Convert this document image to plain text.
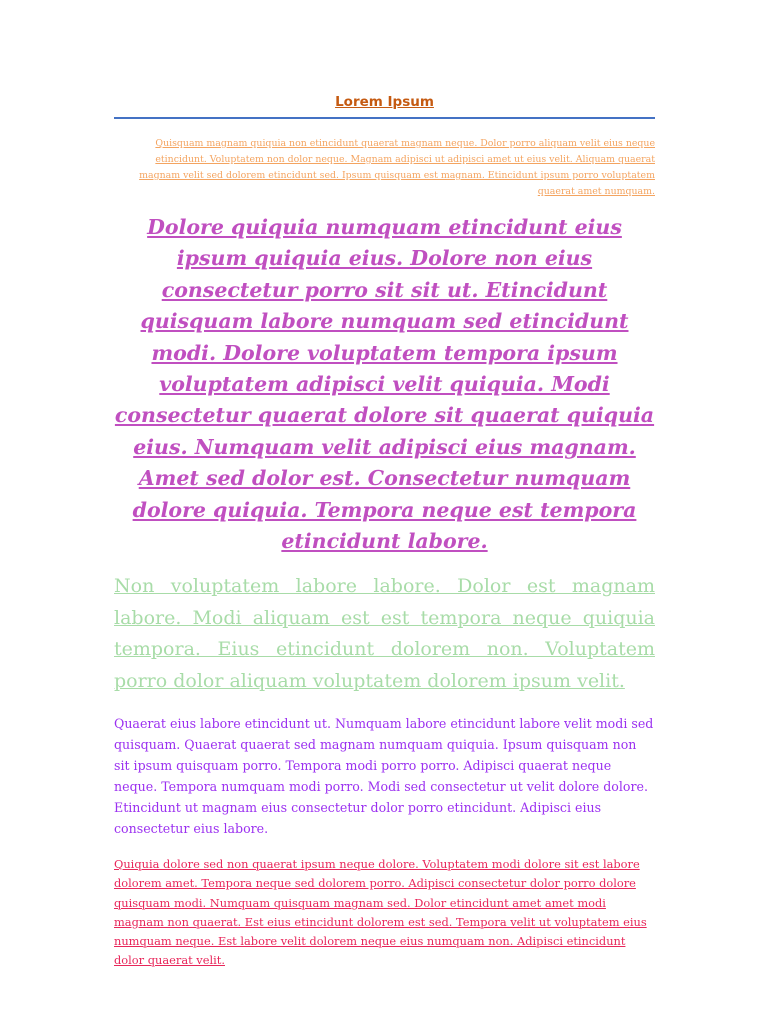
Lorem Ipsum

Quisquam magnam quiquia non etincidunt quaerat magnam neque. Dolor porro aliquam velit eius neque etincidunt. Voluptatem non dolor neque. Magnam adipisci ut adipisci amet ut eius velit. Aliquam quaerat magnam velit sed dolorem etincidunt sed. Ipsum quisquam est magnam. Etincidunt ipsum porro voluptatem quaerat amet numquam.

Dolore quiquia numquam etincidunt eius ipsum quiquia eius. Dolore non eius consectetur porro sit sit ut. Etincidunt quisquam labore numquam sed etincidunt modi. Dolore voluptatem tempora ipsum voluptatem adipisci velit quiquia. Modi consectetur quaerat dolore sit quaerat quiquia eius. Numquam velit adipisci eius magnam. Amet sed dolor est. Consectetur numquam dolore quiquia. Tempora neque est tempora etincidunt labore.

Non voluptatem labore labore. Dolor est magnam labore. Modi aliquam est est tempora neque quiquia tempora. Eius etincidunt dolorem non. Voluptatem porro dolor aliquam voluptatem dolorem ipsum velit.

Quaerat eius labore etincidunt ut. Numquam labore etincidunt labore velit modi sed quisquam. Quaerat quaerat sed magnam numquam quiquia. Ipsum quisquam non sit ipsum quisquam porro. Tempora modi porro porro. Adipisci quaerat neque neque. Tempora numquam modi porro. Modi sed consectetur ut velit dolore dolore. Etincidunt ut magnam eius consectetur dolor porro etincidunt. Adipisci eius consectetur eius labore.

Quiquia dolore sed non quaerat ipsum neque dolore. Voluptatem modi dolore sit est labore dolorem amet. Tempora neque sed dolorem porro. Adipisci consectetur dolor porro dolore quisquam modi. Numquam quisquam magnam sed. Dolor etincidunt amet amet modi magnam non quaerat. Est eius etincidunt dolorem est sed. Tempora velit ut voluptatem eius numquam neque. Est labore velit dolorem neque eius numquam non. Adipisci etincidunt dolor quaerat velit.
